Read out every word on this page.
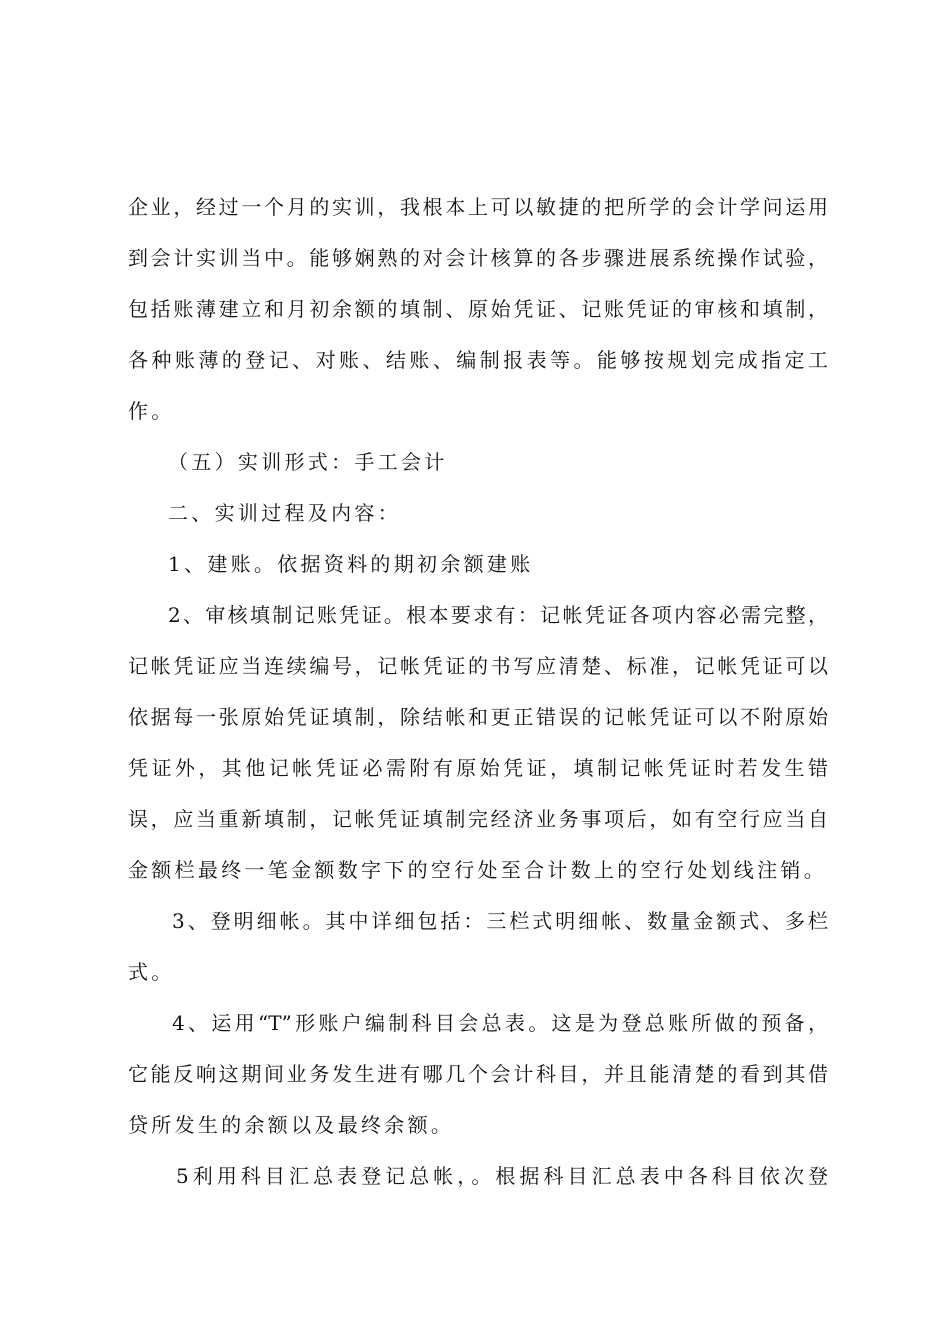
企业，经过一个月的实训，我根本上可以敏捷的把所学的会计学问运用
到会计实训当中。能够娴熟的对会计核算的各步骤进展系统操作试验，
包括账薄建立和月初余额的填制、原始凭证、记账凭证的审核和填制，
各种账薄的登记、对账、结账、编制报表等。能够按规划完成指定工
作。
（五）实训形式：手工会计
二、实训过程及内容：
1、建账。依据资料的期初余额建账
2、审核填制记账凭证。根本要求有：记帐凭证各项内容必需完整，
记帐凭证应当连续编号，记帐凭证的书写应清楚、标准，记帐凭证可以
依据每一张原始凭证填制，除结帐和更正错误的记帐凭证可以不附原始
凭证外，其他记帐凭证必需附有原始凭证，填制记帐凭证时若发生错
误，应当重新填制，记帐凭证填制完经济业务事项后，如有空行应当自
金额栏最终一笔金额数字下的空行处至合计数上的空行处划线注销。
3、登明细帐。其中详细包括：三栏式明细帐、数量金额式、多栏
式。
4、运用“T”形账户编制科目会总表。这是为登总账所做的预备，
它能反响这期间业务发生进有哪几个会计科目，并且能清楚的看到其借
贷所发生的余额以及最终余额。
5利用科目汇总表登记总帐，。根据科目汇总表中各科目依次登
